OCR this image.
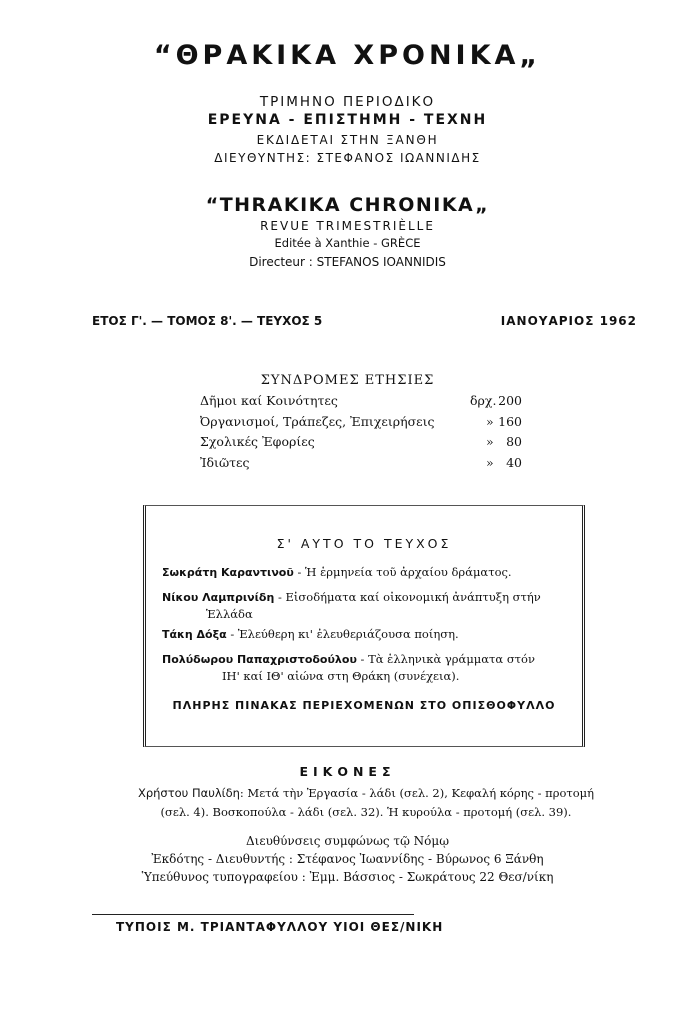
“ΘΡΑΚΙΚΑ ΧΡΟΝΙΚΑ„
ΤΡΙΜΗΝΟ ΠΕΡΙΟΔΙΚΟ
ΕΡΕΥΝΑ - ΕΠΙΣΤΗΜΗ - ΤΕΧΝΗ
ΕΚΔΙΔΕΤΑΙ ΣΤΗΝ ΞΑΝΘΗ
ΔΙΕΥΘΥΝΤΗΣ: ΣΤΕΦΑΝΟΣ ΙΩΑΝΝΙΔΗΣ
“THRAKIKA CHRONIKA„
REVUE TRIMESTRIÈLLE
Editée à Xanthie - GRÈCE
Directeur : STEFANOS IOANNIDIS
ΕΤΟΣ Γ'. — ΤΟΜΟΣ 8'. — ΤΕΥΧΟΣ 5	ΙΑΝΟΥΑΡΙΟΣ 1962
ΣΥΝΔΡΟΜΕΣ ΕΤΗΣΙΕΣ
Δῆμοι καί Κοινότητες	δρχ. 200
Ὀργανισμοί, Τράπεζες, Ἐπιχειρήσεις	» 160
Σχολικές Ἐφορίες	» 80
Ἰδιῶτες	» 40
Σ' ΑΥΤΟ ΤΟ ΤΕΥΧΟΣ
Σωκράτη Καραντινοῦ - Ἡ ἑρμηνεία τοῦ ἀρχαίου δράματος.
Νίκου Λαμπρινίδη - Εἰσοδήματα καί οἰκονομική ἀνάπτυξη στήν
Ἑλλάδα
Τάκη Δόξα - Ἐλεύθερη κι' ἐλευθεριάζουσα ποίηση.
Πολύδωρου Παπαχριστοδούλου - Τὰ ἑλληνικὰ γράμματα στόν
ΙΗ' καί ΙΘ' αἰώνα στη Θράκη (συνέχεια).
ΠΛΗΡΗΣ ΠΙΝΑΚΑΣ ΠΕΡΙΕΧΟΜΕΝΩΝ ΣΤΟ ΟΠΙΣΘΟΦΥΛΛΟ
ΕΙΚΟΝΕΣ
Χρήστου Παυλίδη: Μετά τὴν Ἐργασία - λάδι (σελ. 2), Κεφαλή κόρης - προτομή
(σελ. 4). Βοσκοπούλα - λάδι (σελ. 32). Ἡ κυρούλα - προτομή (σελ. 39).
Διευθύνσεις συμφώνως τῷ Νόμῳ
Ἐκδότης - Διευθυντής : Στέφανος Ἰωαννίδης - Βύρωνος 6 Ξάνθη
Ὑπεύθυνος τυπογραφείου : Ἐμμ. Βάσσιος - Σωκράτους 22 Θεσ/νίκη
ΤΥΠΟΙΣ Μ. ΤΡΙΑΝΤΑΦΥΛΛΟΥ ΥΙΟΙ ΘΕΣ/ΝΙΚΗ
